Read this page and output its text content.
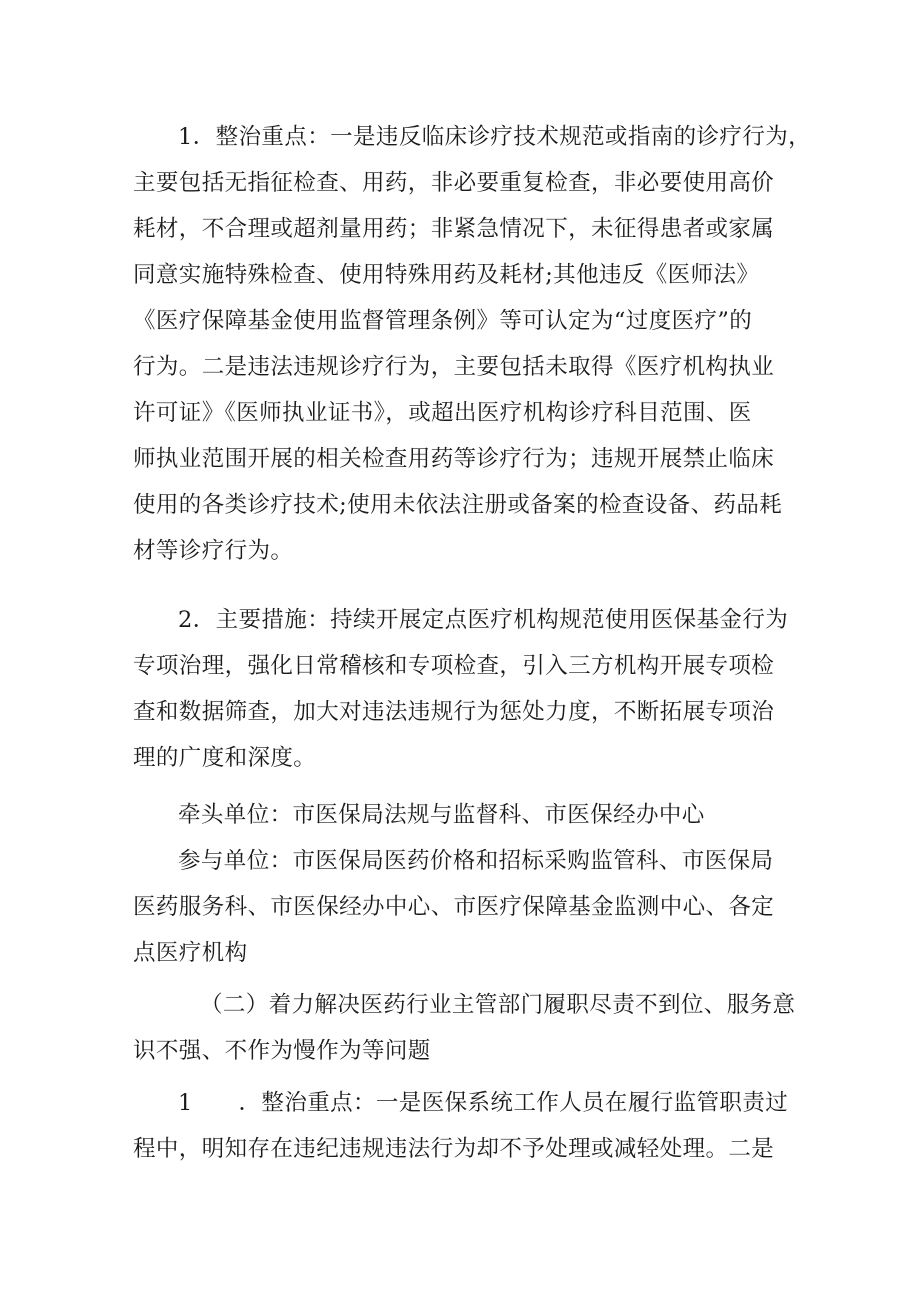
1．整治重点：一是违反临床诊疗技术规范或指南的诊疗行为，
主要包括无指征检查、用药，非必要重复检查，非必要使用高价
耗材，不合理或超剂量用药；非紧急情况下，未征得患者或家属
同意实施特殊检查、使用特殊用药及耗材;其他违反《医师法》
《医疗保障基金使用监督管理条例》等可认定为“过度医疗”的
行为。二是违法违规诊疗行为，主要包括未取得《医疗机构执业
许可证》《医师执业证书》，或超出医疗机构诊疗科目范围、医
师执业范围开展的相关检查用药等诊疗行为；违规开展禁止临床
使用的各类诊疗技术;使用未依法注册或备案的检查设备、药品耗
材等诊疗行为。
2．主要措施：持续开展定点医疗机构规范使用医保基金行为
专项治理，强化日常稽核和专项检查，引入三方机构开展专项检
查和数据筛查，加大对违法违规行为惩处力度，不断拓展专项治
理的广度和深度。
牵头单位：市医保局法规与监督科、市医保经办中心
参与单位：市医保局医药价格和招标采购监管科、市医保局
医药服务科、市医保经办中心、市医疗保障基金监测中心、各定
点医疗机构
（二）着力解决医药行业主管部门履职尽责不到位、服务意
识不强、不作为慢作为等问题
1　　．整治重点：一是医保系统工作人员在履行监管职责过
程中，明知存在违纪违规违法行为却不予处理或减轻处理。二是
